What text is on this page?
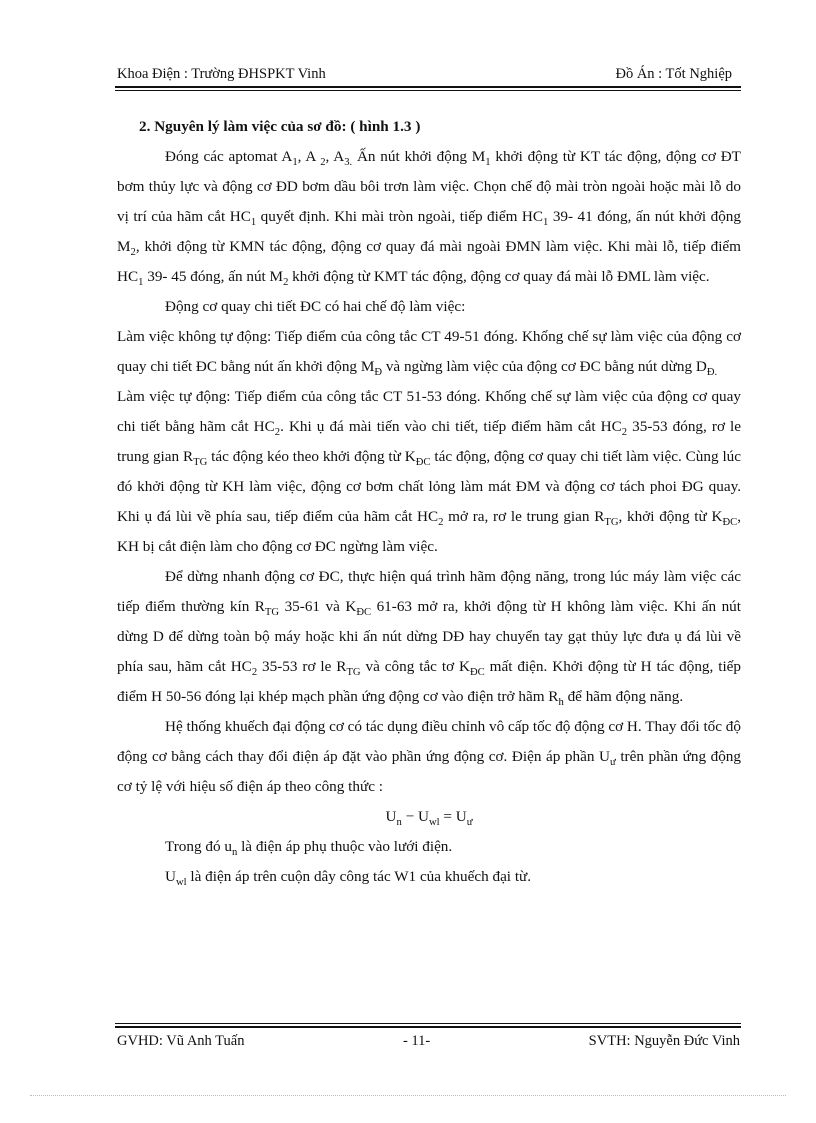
Khoa Điện : Trường ĐHSPKT Vinh	Đồ Án : Tốt Nghiệp

2. Nguyên lý làm việc của sơ đồ: ( hình 1.3 )

Đóng các aptomat $A_1$, A $_2$, $A_{3.}$ Ấn nút khởi động $M_1$ khởi động từ KT tác động, động cơ ĐT bơm thủy lực và động cơ ĐD bơm dầu bôi trơn làm việc. Chọn chế độ mài tròn ngoài hoặc mài lỗ do vị trí của hãm cắt $HC_1$ quyết định. Khi mài tròn ngoài, tiếp điểm $HC_1$ 39- 41 đóng, ấn nút khởi động $M_2$, khởi động từ KMN tác động, động cơ quay đá mài ngoài ĐMN làm việc. Khi mài lỗ, tiếp điểm $HC_1$ 39- 45 đóng, ấn nút $M_2$ khởi động từ KMT tác động, động cơ quay đá mài lỗ ĐML làm việc.

Động cơ quay chi tiết ĐC có hai chế độ làm việc:

Làm việc không tự động: Tiếp điểm của công tắc CT 49-51 đóng. Khống chế sự làm việc của động cơ quay chi tiết ĐC bằng nút ấn khởi động $M_Đ$ và ngừng làm việc của động cơ ĐC bằng nút dừng $D_{Đ.}$

Làm việc tự động: Tiếp điểm của công tắc CT 51-53 đóng. Khống chế sự làm việc của động cơ quay chi tiết bằng hãm cắt $HC_2$. Khi ụ đá mài tiến vào chi tiết, tiếp điểm hãm cắt $HC_2$ 35-53 đóng, rơ le trung gian $R_{TG}$ tác động kéo theo khởi động từ $K_{ĐC}$ tác động, động cơ quay chi tiết làm việc. Cùng lúc đó khởi động từ KH làm việc, động cơ bơm chất lỏng làm mát ĐM và động cơ tách phoi ĐG quay. Khi ụ đá lùi về phía sau, tiếp điểm của hãm cắt $HC_2$ mở ra, rơ le trung gian $R_{TG}$, khởi động từ $K_{ĐC}$, KH bị cắt điện làm cho động cơ ĐC ngừng làm việc.

Để dừng nhanh động cơ ĐC, thực hiện quá trình hãm động năng, trong lúc máy làm việc các tiếp điểm thường kín $R_{TG}$ 35-61 và $K_{ĐC}$ 61-63 mở ra, khởi động từ H không làm việc. Khi ấn nút dừng D để dừng toàn bộ máy hoặc khi ấn nút dừng DĐ hay chuyển tay gạt thủy lực đưa ụ đá lùi về phía sau, hãm cắt $HC_2$ 35-53 rơ le $R_{TG}$ và công tắc tơ $K_{ĐC}$ mất điện. Khởi động từ H tác động, tiếp điểm H 50-56 đóng lại khép mạch phần ứng động cơ vào điện trở hãm $R_h$ để hãm động năng.

Hệ thống khuếch đại động cơ có tác dụng điều chỉnh vô cấp tốc độ động cơ H. Thay đổi tốc độ động cơ bằng cách thay đổi điện áp đặt vào phần ứng động cơ. Điện áp phần $U_ư$ trên phần ứng động cơ tỷ lệ với hiệu số điện áp theo công thức :

$U_n - U_{wl} = U_ư$

Trong đó $u_n$ là điện áp phụ thuộc vào lưới điện.

$U_{wl}$ là điện áp trên cuộn dây công tác W1 của khuếch đại từ.

GVHD: Vũ Anh Tuấn	- 11-	SVTH: Nguyễn Đức Vinh
